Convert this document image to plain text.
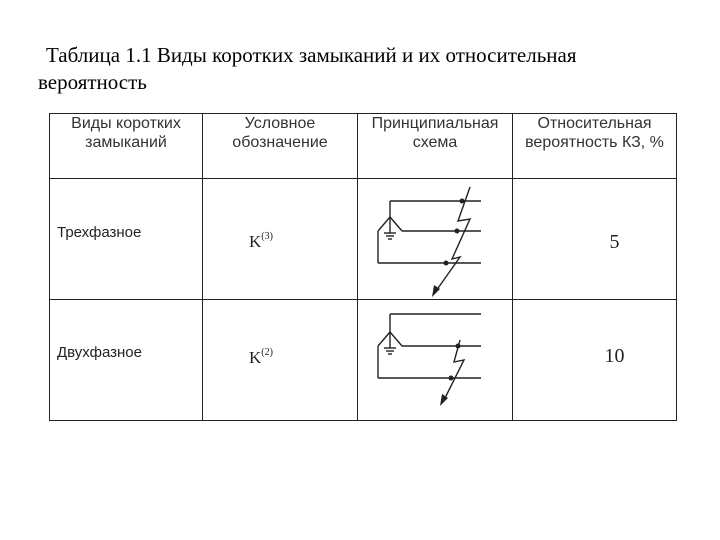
Таблица 1.1 Виды коротких замыканий и их относительная
вероятность
Виды коротких замыканий	Условное обозначение	Принципиальная схема	Относительная вероятность КЗ, %

Трехфазное	$K^{(3)}$		5

Двухфазное	$K^{(2)}$		10
